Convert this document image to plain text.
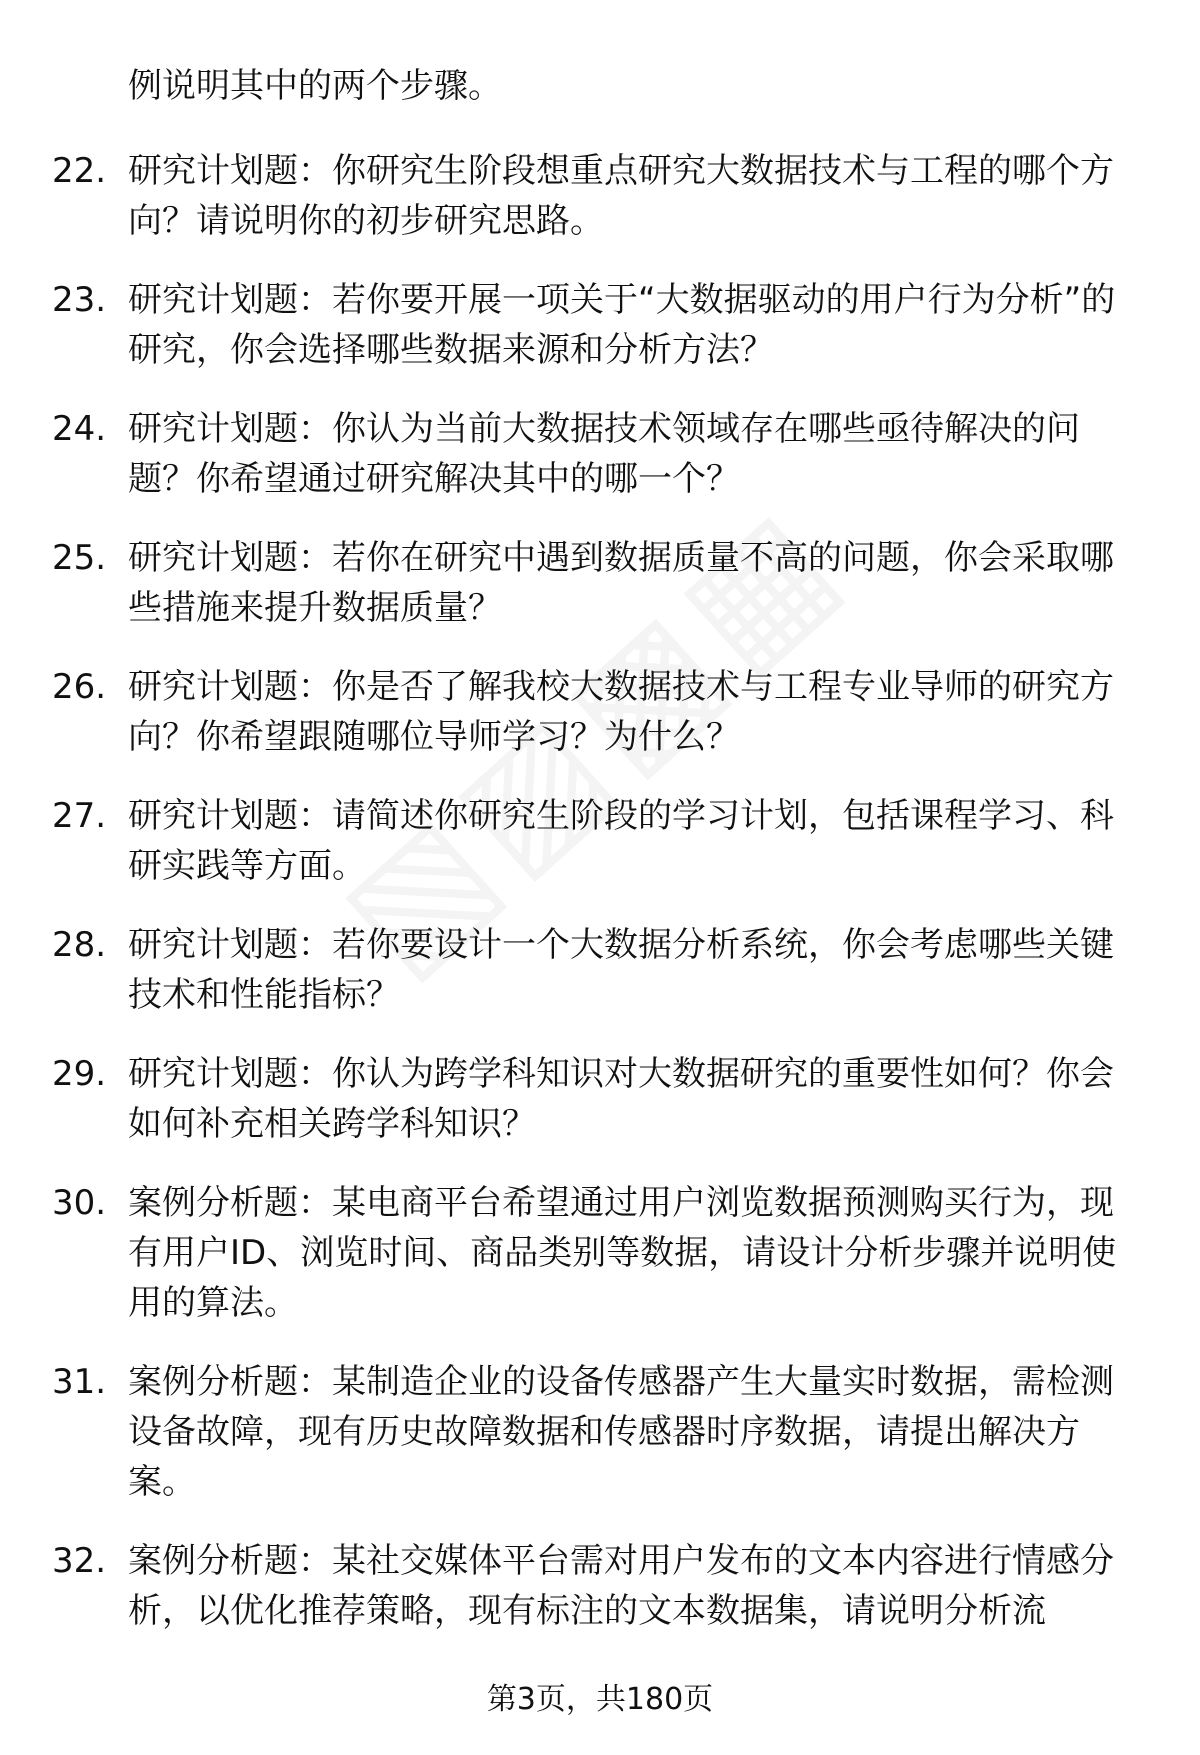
例说明其中的两个步骤。
22. 研究计划题：你研究生阶段想重点研究大数据技术与工程的哪个方向？请说明你的初步研究思路。
23. 研究计划题：若你要开展一项关于“大数据驱动的用户行为分析”的研究，你会选择哪些数据来源和分析方法？
24. 研究计划题：你认为当前大数据技术领域存在哪些亟待解决的问题？你希望通过研究解决其中的哪一个？
25. 研究计划题：若你在研究中遇到数据质量不高的问题，你会采取哪些措施来提升数据质量？
26. 研究计划题：你是否了解我校大数据技术与工程专业导师的研究方向？你希望跟随哪位导师学习？为什么？
27. 研究计划题：请简述你研究生阶段的学习计划，包括课程学习、科研实践等方面。
28. 研究计划题：若你要设计一个大数据分析系统，你会考虑哪些关键技术和性能指标？
29. 研究计划题：你认为跨学科知识对大数据研究的重要性如何？你会如何补充相关跨学科知识？
30. 案例分析题：某电商平台希望通过用户浏览数据预测购买行为，现有用户ID、浏览时间、商品类别等数据，请设计分析步骤并说明使用的算法。
31. 案例分析题：某制造企业的设备传感器产生大量实时数据，需检测设备故障，现有历史故障数据和传感器时序数据，请提出解决方案。
32. 案例分析题：某社交媒体平台需对用户发布的文本内容进行情感分析，以优化推荐策略，现有标注的文本数据集，请说明分析流
第3页，共180页
